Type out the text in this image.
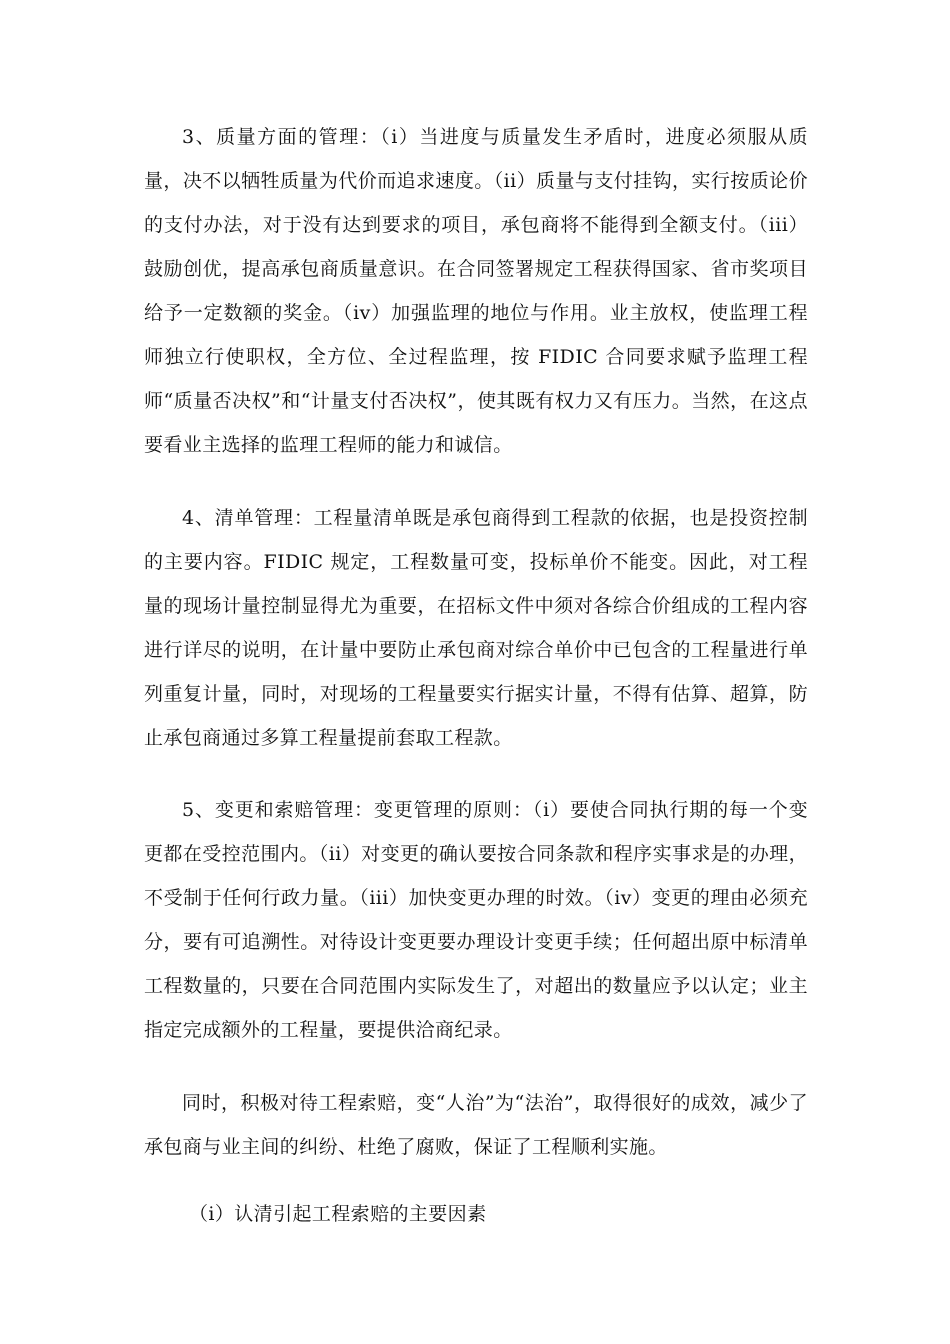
3、质量方面的管理：（i）当进度与质量发生矛盾时，进度必须服从质量，决不以牺牲质量为代价而追求速度。（ii）质量与支付挂钩，实行按质论价的支付办法，对于没有达到要求的项目，承包商将不能得到全额支付。（iii）鼓励创优，提高承包商质量意识。在合同签署规定工程获得国家、省市奖项目给予一定数额的奖金。（iv）加强监理的地位与作用。业主放权，使监理工程师独立行使职权，全方位、全过程监理，按 FIDIC 合同要求赋予监理工程师“质量否决权”和“计量支付否决权”，使其既有权力又有压力。当然，在这点要看业主选择的监理工程师的能力和诚信。

4、清单管理：工程量清单既是承包商得到工程款的依据，也是投资控制的主要内容。FIDIC 规定，工程数量可变，投标单价不能变。因此，对工程量的现场计量控制显得尤为重要，在招标文件中须对各综合价组成的工程内容进行详尽的说明，在计量中要防止承包商对综合单价中已包含的工程量进行单列重复计量，同时，对现场的工程量要实行据实计量，不得有估算、超算，防止承包商通过多算工程量提前套取工程款。

5、变更和索赔管理：变更管理的原则：（i）要使合同执行期的每一个变更都在受控范围内。（ii）对变更的确认要按合同条款和程序实事求是的办理，不受制于任何行政力量。（iii）加快变更办理的时效。（iv）变更的理由必须充分，要有可追溯性。对待设计变更要办理设计变更手续；任何超出原中标清单工程数量的，只要在合同范围内实际发生了，对超出的数量应予以认定；业主指定完成额外的工程量，要提供洽商纪录。

同时，积极对待工程索赔，变“人治”为“法治”，取得很好的成效，减少了承包商与业主间的纠纷、杜绝了腐败，保证了工程顺利实施。

（i）认清引起工程索赔的主要因素
